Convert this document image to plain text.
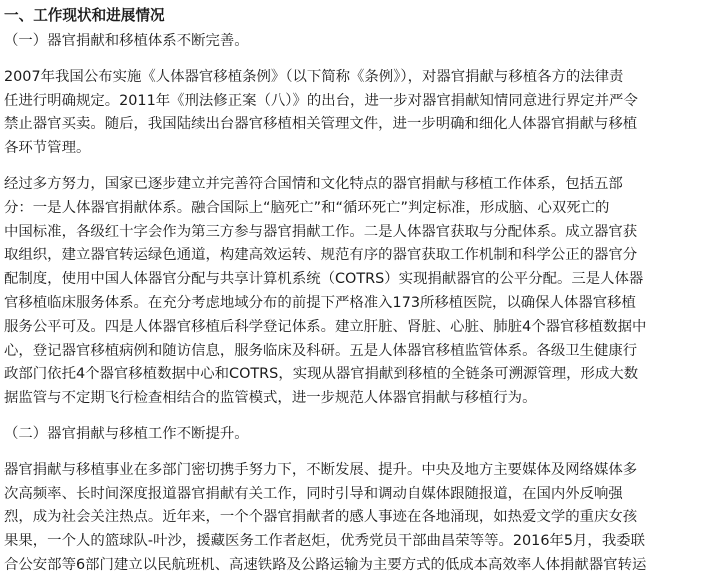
一、工作现状和进展情况
（一）器官捐献和移植体系不断完善。
2007年我国公布实施《人体器官移植条例》（以下简称《条例》），对器官捐献与移植各方的法律责
任进行明确规定。2011年《刑法修正案（八）》的出台，进一步对器官捐献知情同意进行界定并严令
禁止器官买卖。随后，我国陆续出台器官移植相关管理文件，进一步明确和细化人体器官捐献与移植
各环节管理。
经过多方努力，国家已逐步建立并完善符合国情和文化特点的器官捐献与移植工作体系，包括五部
分：一是人体器官捐献体系。融合国际上“脑死亡”和“循环死亡”判定标准，形成脑、心双死亡的
中国标准，各级红十字会作为第三方参与器官捐献工作。二是人体器官获取与分配体系。成立器官获
取组织，建立器官转运绿色通道，构建高效运转、规范有序的器官获取工作机制和科学公正的器官分
配制度，使用中国人体器官分配与共享计算机系统（COTRS）实现捐献器官的公平分配。三是人体器
官移植临床服务体系。在充分考虑地域分布的前提下严格准入173所移植医院，以确保人体器官移植
服务公平可及。四是人体器官移植后科学登记体系。建立肝脏、肾脏、心脏、肺脏4个器官移植数据中
心，登记器官移植病例和随访信息，服务临床及科研。五是人体器官移植监管体系。各级卫生健康行
政部门依托4个器官移植数据中心和COTRS，实现从器官捐献到移植的全链条可溯源管理，形成大数
据监管与不定期飞行检查相结合的监管模式，进一步规范人体器官捐献与移植行为。
（二）器官捐献与移植工作不断提升。
器官捐献与移植事业在多部门密切携手努力下，不断发展、提升。中央及地方主要媒体及网络媒体多
次高频率、长时间深度报道器官捐献有关工作，同时引导和调动自媒体跟随报道，在国内外反响强
烈，成为社会关注热点。近年来，一个个器官捐献者的感人事迹在各地涌现，如热爱文学的重庆女孩
果果，一个人的篮球队-叶沙，援藏医务工作者赵炬，优秀党员干部曲昌荣等等。2016年5月，我委联
合公安部等6部门建立以民航班机、高速铁路及公路运输为主要方式的低成本高效率人体捐献器官转运
